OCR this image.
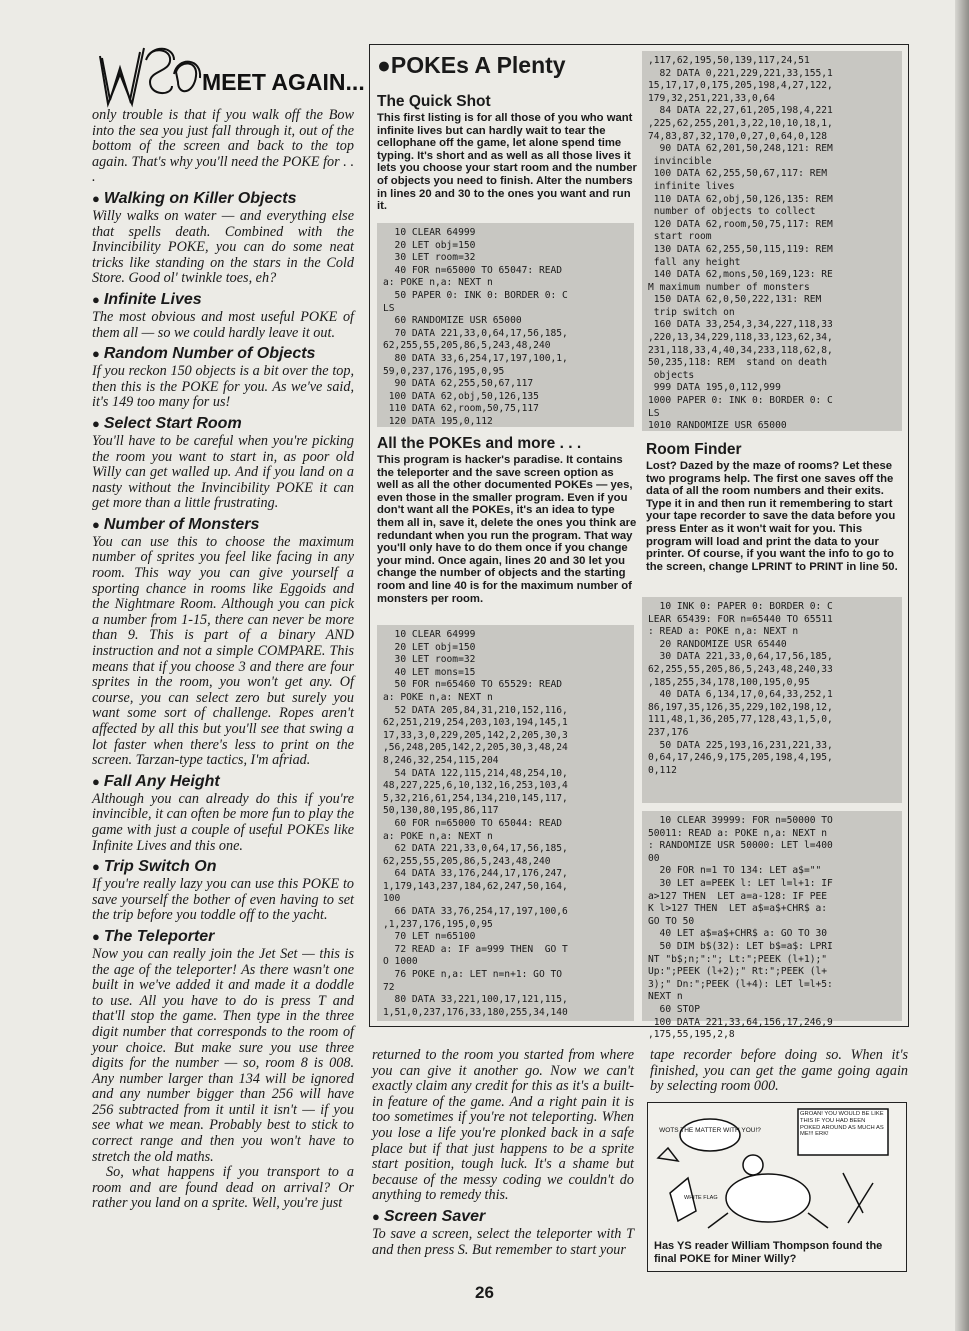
MEET AGAIN...

only trouble is that if you walk off the Bow into the sea you just fall through it, out of the bottom of the screen and back to the top again. That's why you'll need the POKE for . . .

● Walking on Killer Objects

Willy walks on water — and everything else that spells death. Combined with the Invincibility POKE, you can do some neat tricks like standing on the stars in the Cold Store. Good ol' twinkle toes, eh?

● Infinite Lives

The most obvious and most useful POKE of them all — so we could hardly leave it out.

● Random Number of Objects

If you reckon 150 objects is a bit over the top, then this is the POKE for you. As we've said, it's 149 too many for us!

● Select Start Room

You'll have to be careful when you're picking the room you want to start in, as poor old Willy can get walled up. And if you land on a nasty without the Invincibility POKE it can get more than a little frustrating.

● Number of Monsters

You can use this to choose the maximum number of sprites you feel like facing in any room. This way you can give yourself a sporting chance in rooms like Eggoids and the Nightmare Room. Although you can pick a number from 1-15, there can never be more than 9. This is part of a binary AND instruction and not a simple COMPARE. This means that if you choose 3 and there are four sprites in the room, you won't get any. Of course, you can select zero but surely you want some sort of challenge. Ropes aren't affected by all this but you'll see that swing a lot faster when there's less to print on the screen. Tarzan-type tactics, I'm afriad.

● Fall Any Height

Although you can already do this if you're invincible, it can often be more fun to play the game with just a couple of useful POKEs like Infinite Lives and this one.

● Trip Switch On

If you're really lazy you can use this POKE to save yourself the bother of even having to set the trip before you toddle off to the yacht.

● The Teleporter

Now you can really join the Jet Set — this is the age of the teleporter! As there wasn't one built in we've added it and made it a doddle to use. All you have to do is press T and that'll stop the game. Then type in the three digit number that corresponds to the room of your choice. But make sure you use three digits for the number — so, room 8 is 008. Any number larger than 134 will be ignored and any number bigger than 256 will have 256 subtracted from it until it isn't — if you see what we mean. Probably best to stick to correct range and then you won't have to stretch the old maths.

So, what happens if you transport to a room and are found dead on arrival? Or rather you land on a sprite. Well, you're just

●POKEs A Plenty
The Quick Shot

This first listing is for all those of you who want infinite lives but can hardly wait to tear the cellophane off the game, let alone spend time typing. It's short and as well as all those lives it lets you choose your start room and the number of objects you need to finish. Alter the numbers in lines 20 and 30 to the ones you want and run it.

10 CLEAR 64999
20 LET obj=150
30 LET room=32
40 FOR n=65000 TO 65047: READ
a: POKE n,a: NEXT n
50 PAPER 0: INK 0: BORDER 0: C
LS
60 RANDOMIZE USR 65000
70 DATA 221,33,0,64,17,56,185,
62,255,55,205,86,5,243,48,240
80 DATA 33,6,254,17,197,100,1,
59,0,237,176,195,0,95
90 DATA 62,255,50,67,117
100 DATA 62,obj,50,126,135
110 DATA 62,room,50,75,117
120 DATA 195,0,112
All the POKEs and more . . .

This program is hacker's paradise. It contains the teleporter and the save screen option as well as all the other documented POKEs — yes, even those in the smaller program. Even if you don't want all the POKEs, it's an idea to type them all in, save it, delete the ones you think are redundant when you run the program. That way you'll only have to do them once if you change your mind. Once again, lines 20 and 30 let you change the number of objects and the starting room and line 40 is for the maximum number of monsters per room.

10 CLEAR 64999
20 LET obj=150
30 LET room=32
40 LET mons=15
50 FOR n=65460 TO 65529: READ
a: POKE n,a: NEXT n
52 DATA 205,84,31,210,152,116,
62,251,219,254,203,103,194,145,1
17,33,3,0,229,205,142,2,205,30,3
,56,248,205,142,2,205,30,3,48,24
8,246,32,254,115,204
54 DATA 122,115,214,48,254,10,
48,227,225,6,10,132,16,253,103,4
5,32,216,61,254,134,210,145,117,
50,130,80,195,86,117
60 FOR n=65000 TO 65044: READ
a: POKE n,a: NEXT n
62 DATA 221,33,0,64,17,56,185,
62,255,55,205,86,5,243,48,240
64 DATA 33,176,244,17,176,247,
1,179,143,237,184,62,247,50,164,
100
66 DATA 33,76,254,17,197,100,6
,1,237,176,195,0,95
70 LET n=65100
72 READ a: IF a=999 THEN  GO T
O 1000
76 POKE n,a: LET n=n+1: GO TO
72
80 DATA 33,221,100,17,121,115,
1,51,0,237,176,33,180,255,34,140
,117,62,195,50,139,117,24,51
82 DATA 0,221,229,221,33,155,1
15,17,17,0,175,205,198,4,27,122,
179,32,251,221,33,0,64
84 DATA 22,27,61,205,198,4,221
,225,62,255,201,3,22,10,10,18,1,
74,83,87,32,170,0,27,0,64,0,128
90 DATA 62,201,50,248,121: REM
invincible
100 DATA 62,255,50,67,117: REM
infinite lives
110 DATA 62,obj,50,126,135: REM
number of objects to collect
120 DATA 62,room,50,75,117: REM
start room
130 DATA 62,255,50,115,119: REM
fall any height
140 DATA 62,mons,50,169,123: RE
M maximum number of monsters
150 DATA 62,0,50,222,131: REM
trip switch on
160 DATA 33,254,3,34,227,118,33
,220,13,34,229,118,33,123,62,34,
231,118,33,4,40,34,233,118,62,8,
50,235,118: REM  stand on death
objects
999 DATA 195,0,112,999
1000 PAPER 0: INK 0: BORDER 0: C
LS
1010 RANDOMIZE USR 65000
Room Finder

Lost? Dazed by the maze of rooms? Let these two programs help. The first one saves off the data of all the room numbers and their exits. Type it in and then run it remembering to start your tape recorder to save the data before you press Enter as it won't wait for you. This program will load and print the data to your printer. Of course, if you want the info to go to the screen, change LPRINT to PRINT in line 50.

10 INK 0: PAPER 0: BORDER 0: C
LEAR 65439: FOR n=65440 TO 65511
: READ a: POKE n,a: NEXT n
20 RANDOMIZE USR 65440
30 DATA 221,33,0,64,17,56,185,
62,255,55,205,86,5,243,48,240,33
,185,255,34,178,100,195,0,95
40 DATA 6,134,17,0,64,33,252,1
86,197,35,126,35,229,102,198,12,
111,48,1,36,205,77,128,43,1,5,0,
237,176
50 DATA 225,193,16,231,221,33,
0,64,17,246,9,175,205,198,4,195,
0,112
10 CLEAR 39999: FOR n=50000 TO
50011: READ a: POKE n,a: NEXT n
: RANDOMIZE USR 50000: LET l=400
00
20 FOR n=1 TO 134: LET a$=""
30 LET a=PEEK l: LET l=l+1: IF
a>127 THEN  LET a=a-128: IF PEE
K l>127 THEN  LET a$=a$+CHR$ a:
GO TO 50
40 LET a$=a$+CHR$ a: GO TO 30
50 DIM b$(32): LET b$=a$: LPRI
NT "b$;n;":"; Lt:";PEEK (l+1);"
Up:";PEEK (l+2);" Rt:";PEEK (l+
3);" Dn:";PEEK (l+4): LET l=l+5:
NEXT n
60 STOP
100 DATA 221,33,64,156,17,246,9
,175,55,195,2,8

returned to the room you started from where you can give it another go. Now we can't exactly claim any credit for this as it's a built-in feature of the game. And a right pain it is too sometimes if you're not teleporting. When you lose a life you're plonked back in a safe place but if that just happens to be a sprite start position, tough luck. It's a shame but because of the messy coding we couldn't do anything to remedy this.

● Screen Saver

To save a screen, select the teleporter with T and then press S. But remember to start your

tape recorder before doing so. When it's finished, you can get the game going again by selecting room 000.

WOTS THE MATTER WITH YOU!?
GROAN! YOU WOULD BE LIKE THIS IF YOU HAD BEEN POKED AROUND AS MUCH AS ME!!! ERK!
WHITE FLAG
Has YS reader William Thompson found the final POKE for Miner Willy?
26
